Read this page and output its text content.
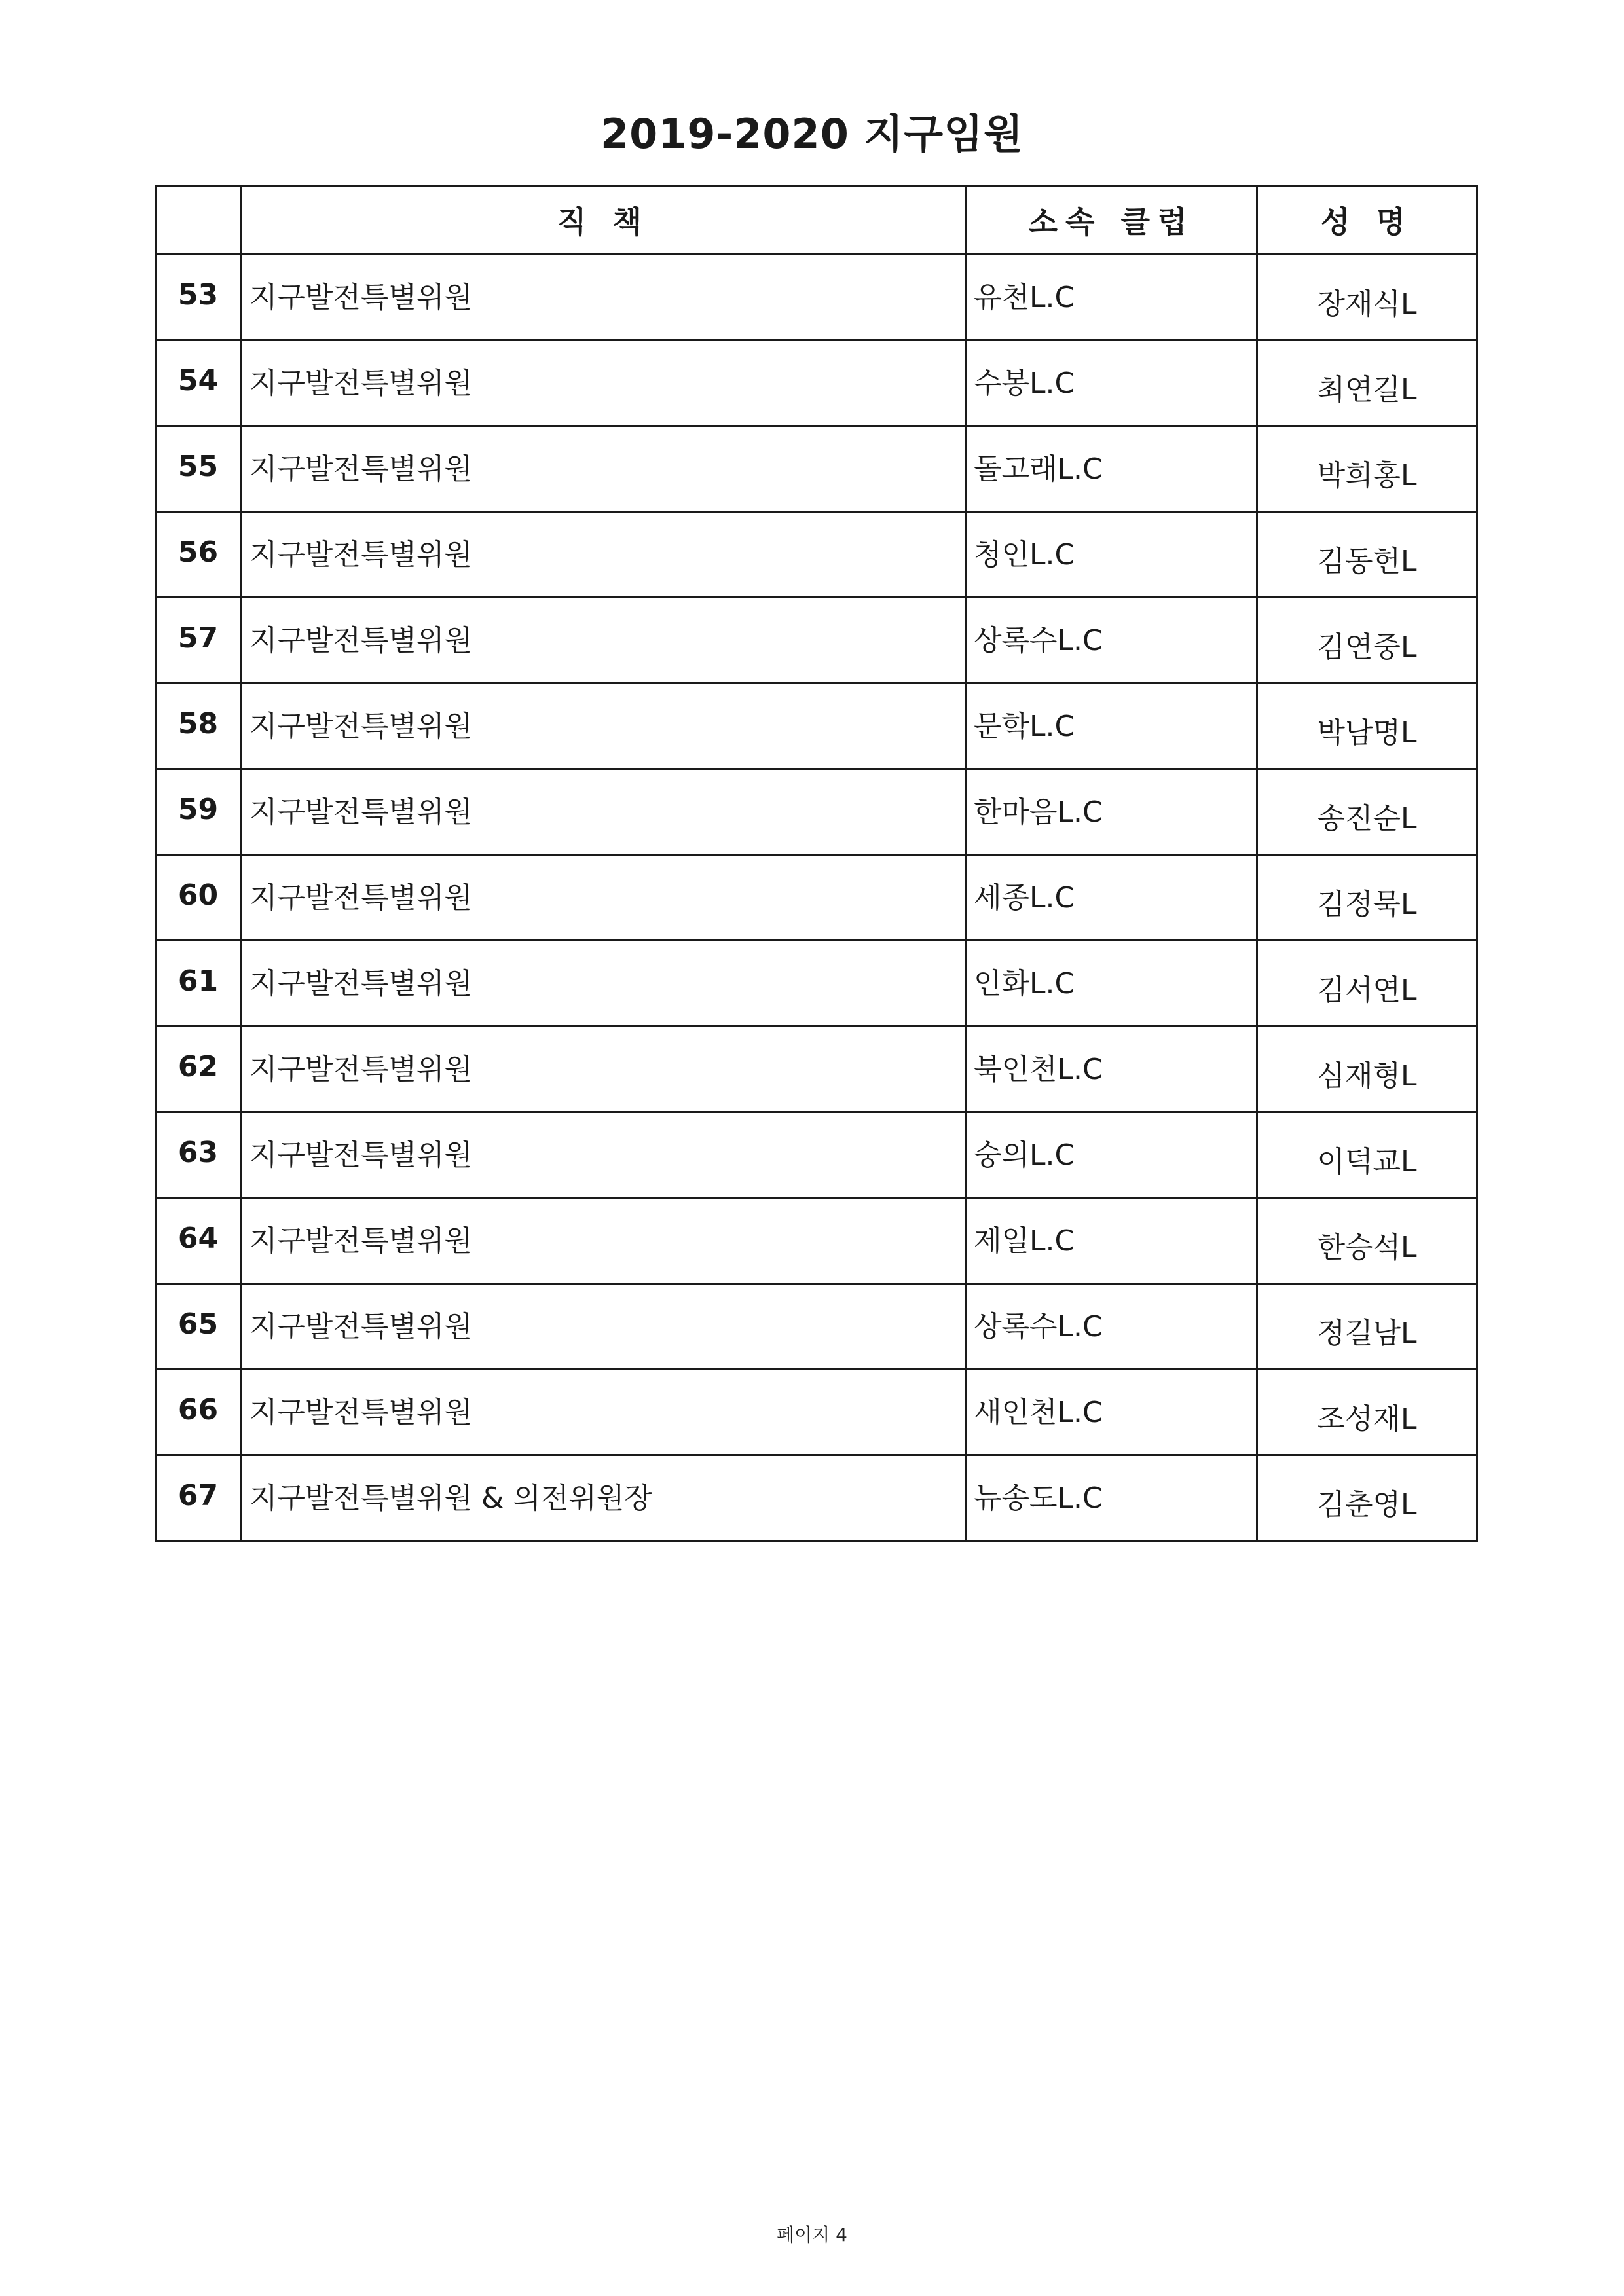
2019-2020 지구임원
	직 책	소속 클럽	성 명
53	지구발전특별위원	유천L.C	장재식L
54	지구발전특별위원	수봉L.C	최연길L
55	지구발전특별위원	돌고래L.C	박희홍L
56	지구발전특별위원	청인L.C	김동헌L
57	지구발전특별위원	상록수L.C	김연중L
58	지구발전특별위원	문학L.C	박남명L
59	지구발전특별위원	한마음L.C	송진순L
60	지구발전특별위원	세종L.C	김정묵L
61	지구발전특별위원	인화L.C	김서연L
62	지구발전특별위원	북인천L.C	심재형L
63	지구발전특별위원	숭의L.C	이덕교L
64	지구발전특별위원	제일L.C	한승석L
65	지구발전특별위원	상록수L.C	정길남L
66	지구발전특별위원	새인천L.C	조성재L
67	지구발전특별위원 & 의전위원장	뉴송도L.C	김춘영L
페이지 4
